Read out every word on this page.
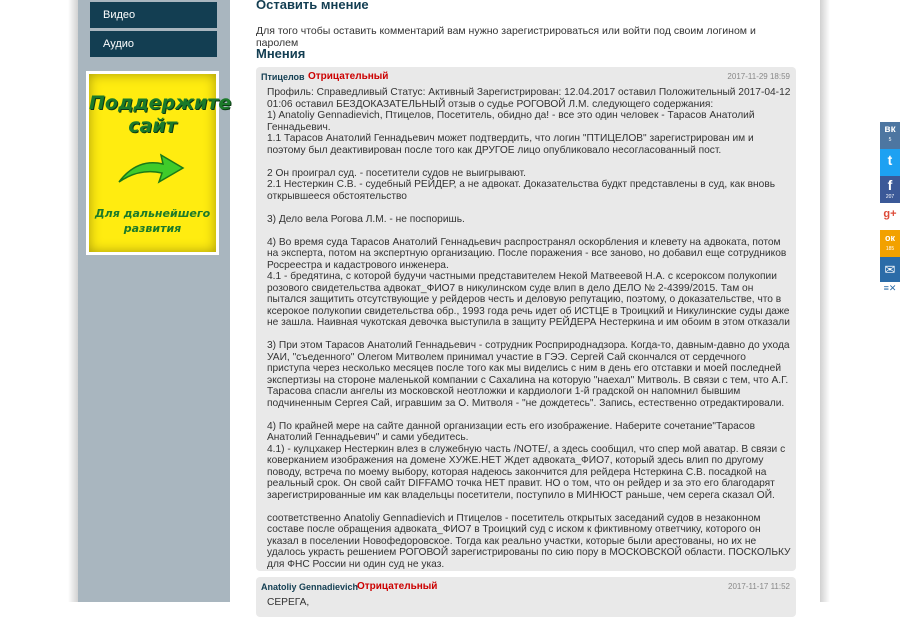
Видео
Аудио
Поддержите
сайт
Для дальнейшего
развития
Оставить мнение
Для того чтобы оставить комментарий вам нужно зарегистрироваться или войти под своим логином и паролем
Мнения
Птицелов Отрицательный	2017-11-29 18:59
Профиль: Справедливый Статус: Активный Зарегистрирован: 12.04.2017 оставил Положительный 2017-04-12
01:06 оставил БЕЗДОКАЗАТЕЛЬНЫЙ отзыв о судье РОГОВОЙ Л.М. следующего содержания:
1) Anatoliy Gennadievich, Птицелов, Посетитель, обидно да! - все это один человек - Тарасов Анатолий
Геннадьевич.
1.1 Тарасов Анатолий Геннадьевич может подтвердить, что логин "ПТИЦЕЛОВ" зарегистрирован им и
поэтому был деактивирован после того как ДРУГОЕ лицо опубликовало несогласованный пост.
2 Он проиграл суд. - посетители судов не выигрывают.
2.1 Нестеркин С.В. - судебный РЕЙДЕР, а не адвокат. Доказательства будкт представлены в суд, как вновь
открывшееся обстоятельство
3) Дело вела Рогова Л.М. - не поспоришь.
4) Во время суда Тарасов Анатолий Геннадьевич распространял оскорбления и клевету на адвоката, потом
на эксперта, потом на экспертную организацию. После поражения - все заново, но добавил еще сотрудников
Росреестра и кадастрового инженера.
4.1 - бредятина, с которой будучи частными представителем Некой Матвеевой Н.А. с ксероксом полукопии
розового свидетельства адвокат_ФИО7 в никулинском суде влип в дело ДЕЛО № 2-4399/2015. Там он
пытался защитить отсутствующие у рейдеров честь и деловую репутацию, поэтому, о доказательстве, что в
ксерокое полукопии свидетельства обр., 1993 года речь идет об ИСТЦЕ в Троицкий и Никулинские суды даже
не зашла. Наивная чукотская девочка выступила в защиту РЕЙДЕРА Нестеркина и им обоим в этом отказали
3) При этом Тарасов Анатолий Геннадьевич - сотрудник Росприроднадзора. Когда-то, давным-давно до ухода
УАИ, "съеденного" Олегом Митволем принимал участие в ГЭЭ. Сергей Сай скончался от сердечного
приступа через несколько месяцев после того как мы виделись с ним в день его отставки и моей последней
экспертизы на стороне маленькой компании с Сахалина на которую "наехал" Митволь. В связи с тем, что А.Г.
Тарасова спасли ангелы из московской неотложки и кардиологи 1-й градской он напомнил бывшим
подчиненным Сергея Сай, игравшим за О. Митволя - "не дождетесь". Запись, естественно отредактировали.
4) По крайней мере на сайте данной организации есть его изображение. Наберите сочетание"Тарасов
Анатолий Геннадьевич" и сами убедитесь.
4.1) - кулцхакер Нестеркин влез в служебную часть /NOTE/, а здесь сообщил, что спер мой аватар. В связи с
коверканием изображения на домене ХУЖЕ.НЕТ Ждет адвоката_ФИО7, который здесь влип по другому
поводу, встреча по моему выбору, которая надеюсь закончится для рейдера Нстеркина С.В. посадкой на
реальный срок. Он свой сайт DIFFAMO точка НЕТ правит. НО о том, что он рейдер и за это его благодарят
зарегистрированные им как владельцы посетители, поступило в МИНЮСТ раньше, чем серега сказал ОЙ.
соответственно Anatoliy Gennadievich и Птицелов - посетитель открытых заседаний судов в незаконном
составе после обращения адвоката_ФИО7 в Троицкий суд с иском к фиктивному ответчику, которого он
указал в поселении Новофедоровское. Тогда как реально участки, которые были арестованы, но их не
удалось украсть решением РОГОВОЙ зарегистрированы по сию пору в МОСКОВСКОЙ области. ПОСКОЛЬКУ
для ФНС России ни один суд не указ.
Anatoliy Gennadievich
Отрицательный	2017-11-17 11:52
СЕРЕГА,
вк
5
t
f
207
g+
ок
185
✉
≡✕
